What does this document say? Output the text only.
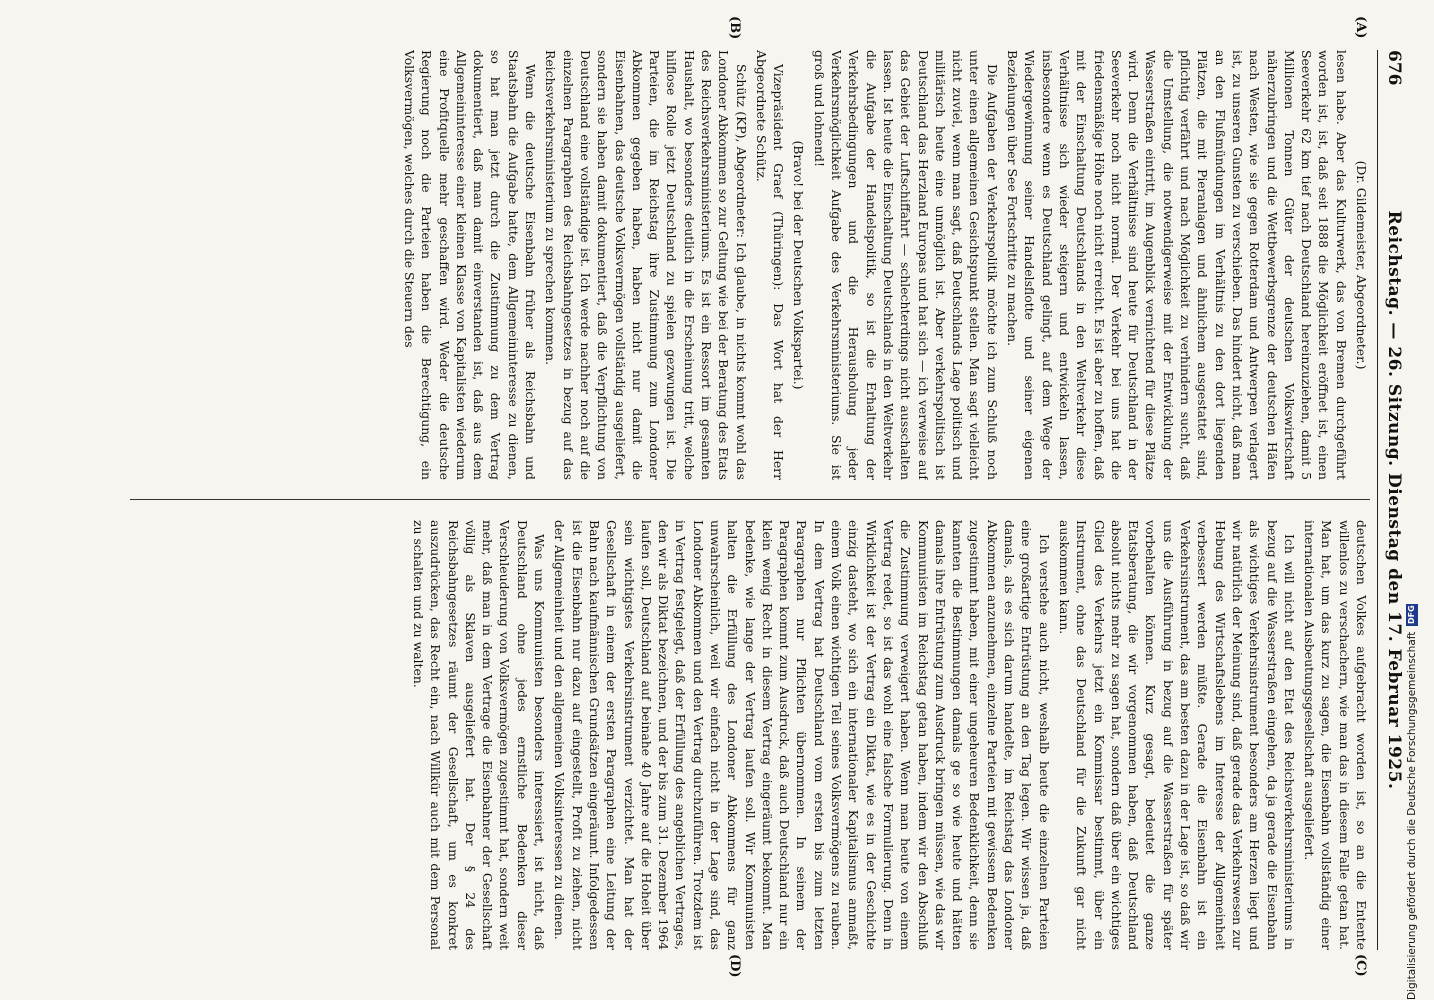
676
Reichstag. — 26. Sitzung. Dienstag den 17. Februar 1925.

(Dr. Gildemeister, Abgeordneter.)

lesen habe. Aber das Kulturwerk, das von Bremen durchgeführt worden ist, ist, daß seit 1888 die Möglichkeit eröffnet ist, einen Seeverkehr 62 km tief nach Deutschland hereinzuziehen, damit 5 Millionen Tonnen Güter der deutschen Volkswirtschaft näherzubringen und die Wettbewerbsgrenze der deutschen Häfen nach Westen, wie sie gegen Rotterdam und Antwerpen verlagert ist, zu unseren Gunsten zu verschieben. Das hindert nicht, daß man an den Flußmündungen im Verhältnis zu den dort liegenden Plätzen, die mit Pieranlagen und ähnlichem ausgestattet sind, pflichtig verfährt und nach Möglichkeit zu verhindern sucht, daß die Umstellung, die notwendigerweise mit der Entwicklung der Wasserstraßen eintritt, im Augenblick vernichtend für diese Plätze wird. Denn die Verhältnisse sind heute für Deutschland in der Seeverkehr noch nicht normal. Der Verkehr bei uns hat die friedensmäßige Höhe noch nicht erreicht. Es ist aber zu hoffen, daß mit der Einschaltung Deutschlands in den Weltverkehr diese Verhältnisse sich wieder steigern und entwickeln lassen, insbesondere wenn es Deutschland gelingt, auf dem Wege der Wiedergewinnung seiner Handelsflotte und seiner eigenen Beziehungen über See Fortschritte zu machen.

Die Aufgaben der Verkehrspolitik möchte ich zum Schluß noch unter einen allgemeinen Gesichtspunkt stellen. Man sagt vielleicht nicht zuviel, wenn man sagt, daß Deutschlands Lage politisch und militärisch heute eine unmöglich ist. Aber verkehrspolitisch ist Deutschland das Herzland Europas und hat sich — ich verweise auf das Gebiet der Luftschiffahrt — schlechterdings nicht ausschalten lassen. Ist heute die Einschaltung Deutschlands in den Weltverkehr die Aufgabe der Handelspolitik, so ist die Erhaltung der Verkehrsbedingungen und die Herausholung jeder Verkehrsmöglichkeit Aufgabe des Verkehrsministeriums. Sie ist groß und lohnend!

(Bravo! bei der Deutschen Volkspartei.)

Vizepräsident Graef (Thüringen): Das Wort hat der Herr Abgeordnete Schütz.

Schütz (KP), Abgeordneter: Ich glaube, in nichts kommt wohl das Londoner Abkommen so zur Geltung wie bei der Beratung des Etats des Reichsverkehrsministeriums. Es ist ein Ressort im gesamten Haushalt, wo besonders deutlich in die Erscheinung tritt, welche hilflose Rolle jetzt Deutschland zu spielen gezwungen ist. Die Parteien, die im Reichstag ihre Zustimmung zum Londoner Abkommen gegeben haben, haben nicht nur damit die Eisenbahnen, das deutsche Volksvermögen vollständig ausgeliefert, sondern sie haben damit dokumentiert, daß die Verpflichtung von Deutschland eine vollständige ist. Ich werde nachher noch auf die einzelnen Paragraphen des Reichsbahngesetzes in bezug auf das Reichsverkehrsministerium zu sprechen kommen.

Wenn die deutsche Eisenbahn früher als Reichsbahn und Staatsbahn die Aufgabe hatte, dem Allgemeininteresse zu dienen, so hat man jetzt durch die Zustimmung zu dem Vertrag dokumentiert, daß man damit einverstanden ist, daß aus dem Allgemeininteresse einer kleinen Klasse von Kapitalisten wiederum eine Profitquelle mehr geschaffen wird. Weder die deutsche Regierung noch die Parteien haben die Berechtigung, ein Volksvermögen, welches durch die Steuern des

deutschen Volkes aufgebracht worden ist, so an die Entente willenlos zu verschachern, wie man das in diesem Falle getan hat. Man hat, um das kurz zu sagen, die Eisenbahn vollständig einer internationalen Ausbeutungsgesellschaft ausgeliefert.

Ich will nicht auf den Etat des Reichsverkehrsministeriums in bezug auf die Wasserstraßen eingehen, da ja gerade die Eisenbahn als wichtiges Verkehrsinstrument besonders am Herzen liegt und wir natürlich der Meinung sind, daß gerade das Verkehrswesen zur Hebung des Wirtschaftslebens im Interesse der Allgemeinheit verbessert werden müßte. Gerade die Eisenbahn ist ein Verkehrsinstrument, das am besten dazu in der Lage ist, so daß wir uns die Ausführung in bezug auf die Wasserstraßen für später vorbehalten können. Kurz gesagt, bedeutet die ganze Etatsberatung, die wir vorgenommen haben, daß Deutschland absolut nichts mehr zu sagen hat, sondern daß über ein wichtiges Glied des Verkehrs jetzt ein Kommissar bestimmt, über ein Instrument, ohne das Deutschland für die Zukunft gar nicht auskommen kann.

Ich verstehe auch nicht, weshalb heute die einzelnen Parteien eine großartige Entrüstung an den Tag legen. Wir wissen ja, daß damals, als es sich darum handelte, im Reichstag das Londoner Abkommen anzunehmen, einzelne Parteien mit gewissem Bedenken zugestimmt haben, mit einer ungeheuren Bedenklichkeit, denn sie kannten die Bestimmungen damals ge so wie heute und hätten damals ihre Entrüstung zum Ausdruck bringen müssen, wie das wir Kommunisten im Reichstag getan haben, indem wir den Abschluß die Zustimmung verweigert haben. Wenn man heute von einem Vertrag redet, so ist das wohl eine falsche Formulierung. Denn in Wirklichkeit ist der Vertrag ein Diktat, wie es in der Geschichte einzig dasteht, wo sich ein internationaler Kapitalismus anmaßt, einem Volk einen wichtigen Teil seines Volksvermögens zu rauben. In dem Vertrag hat Deutschland vom ersten bis zum letzten Paragraphen nur Pflichten übernommen. In seinem der Paragraphen kommt zum Ausdruck, daß auch Deutschland nur ein klein wenig Recht in diesem Vertrag eingeräumt bekommt. Man bedenke, wie lange der Vertrag laufen soll. Wir Kommunisten halten die Erfüllung des Londoner Abkommens für ganz unwahrscheinlich, weil wir einfach nicht in der Lage sind, das Londoner Abkommen und den Vertrag durchzuführen. Trotzdem ist in Vertrag festgelegt, daß der Erfüllung des angeblichen Vertrages, den wir als Diktat bezeichnen, und der bis zum 31. Dezember 1964 laufen soll, Deutschland auf beinahe 40 Jahre auf die Hoheit über sein wichtigstes Verkehrsinstrument verzichtet. Man hat der Gesellschaft in einem der ersten Paragraphen eine Leitung der Bahn nach kaufmännischen Grundsätzen eingeräumt. Infolgedessen ist die Eisenbahn nur dazu auf eingestellt, Profit zu ziehen, nicht der Allgemeinheit und den allgemeinen Volksinteressen zu dienen.

Was uns Kommunisten besonders interessiert, ist nicht, daß Deutschland ohne jedes ernstliche Bedenken dieser Verschleuderung von Volksvermögen zugestimmt hat, sondern weit mehr, daß man in dem Vertrage die Eisenbahner der Gesellschaft völlig als Sklaven ausgeliefert hat. Der § 24 des Reichsbahngesetzes räumt der Gesellschaft, um es konkret auszudrücken, das Recht ein, nach Willkür auch mit dem Personal zu schalten und zu walten.

(A)
(B)
(C)
(D)	Digitalisierung gefördert durch die Deutsche Forschungsgemeinschaft
DFG
